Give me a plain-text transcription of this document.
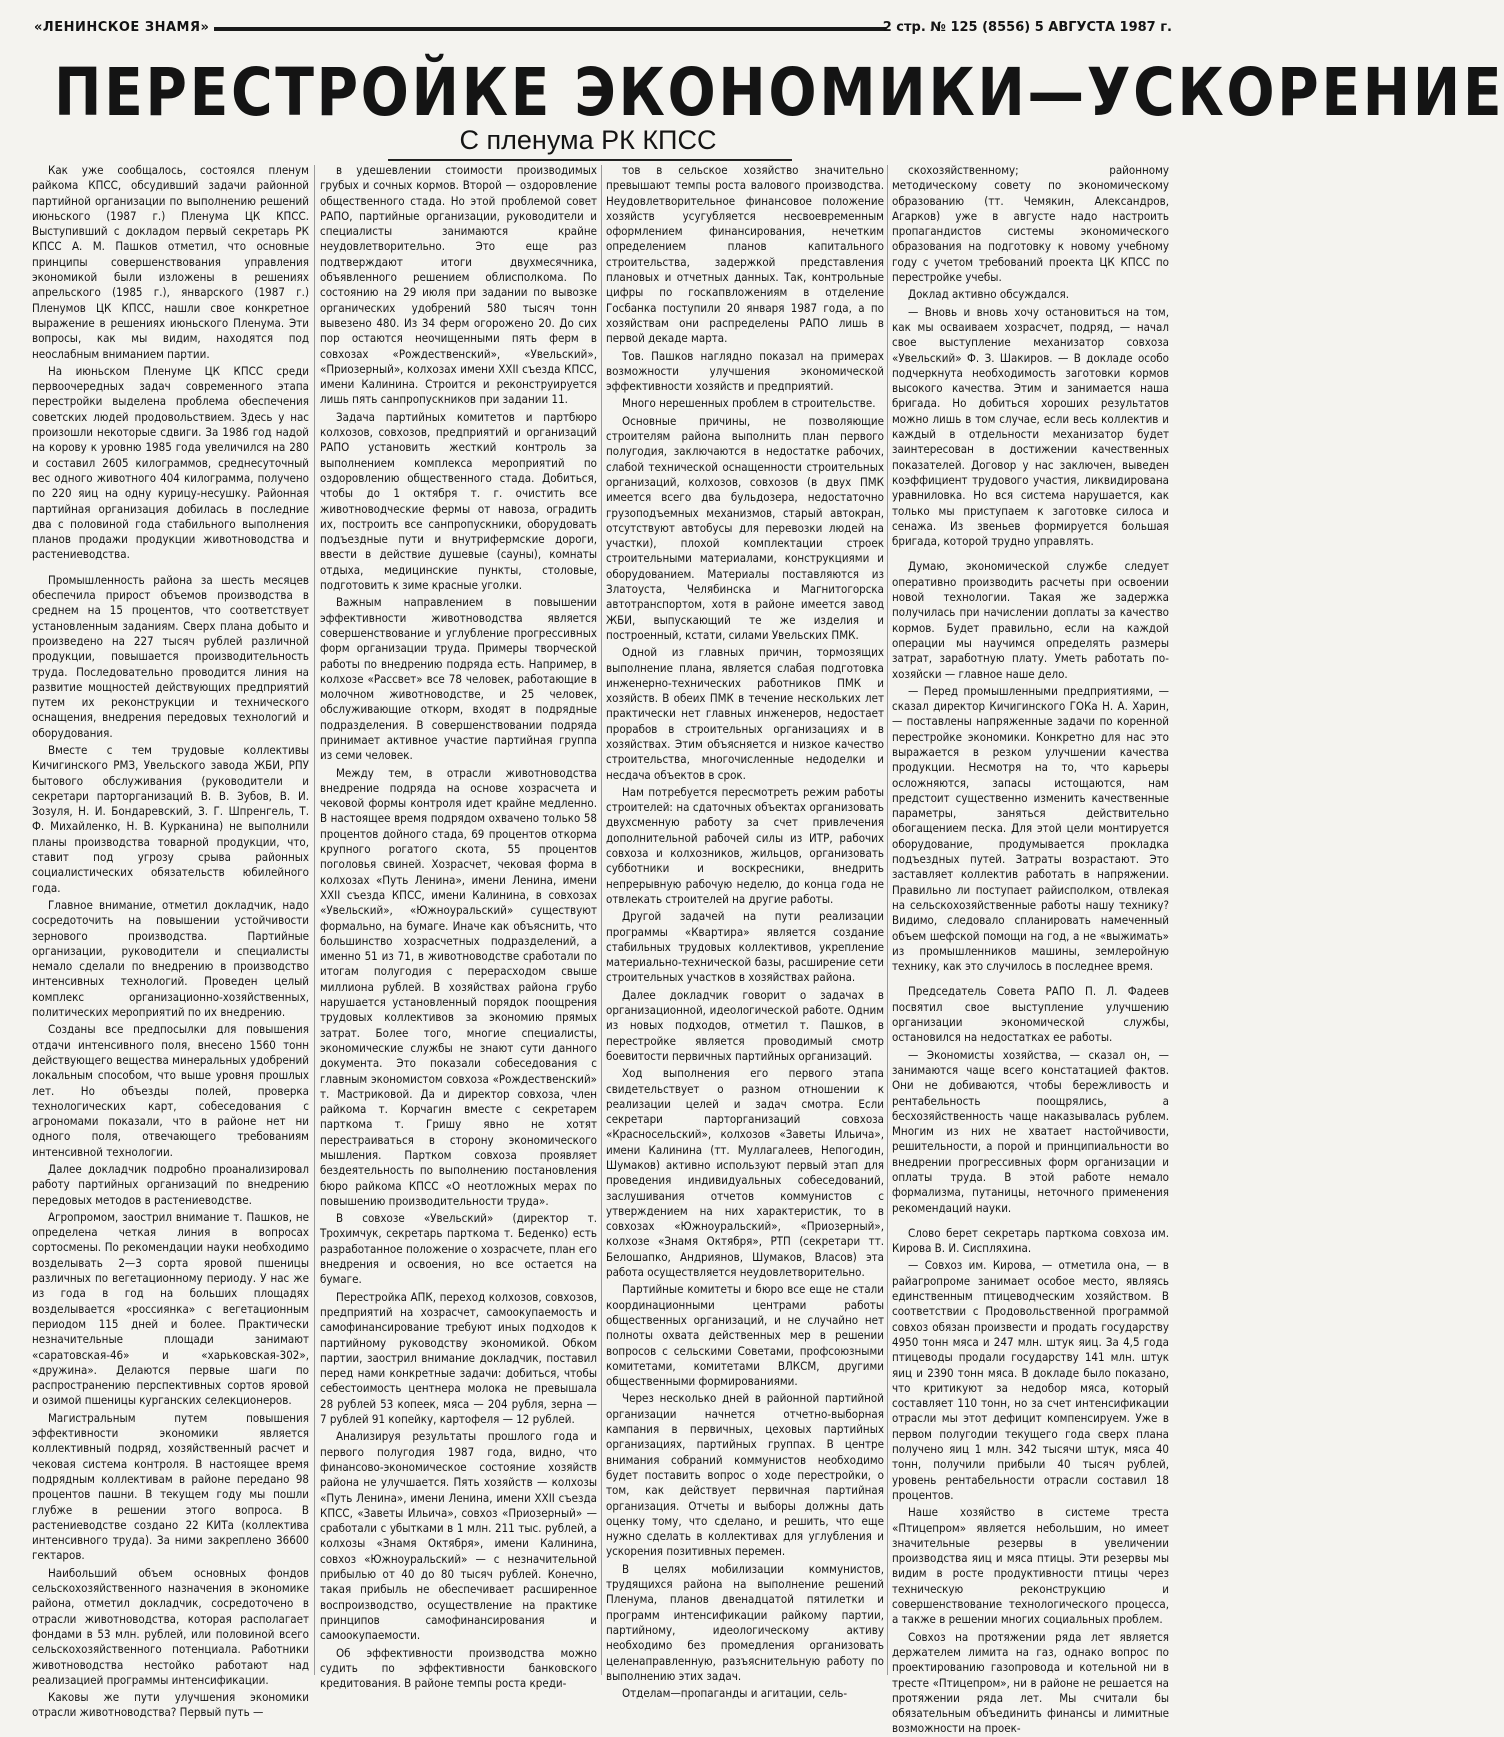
«ЛЕНИНСКОЕ ЗНАМЯ»	2 стр. № 125 (8556) 5 АВГУСТА 1987 г.
ПЕРЕСТРОЙКЕ ЭКОНОМИКИ—УСКОРЕНИЕ
С пленума РК КПСС

Как уже сообщалось, состоялся пленум райкома КПСС, обсудивший задачи районной партийной организации по выполнению решений июньского (1987 г.) Пленума ЦК КПСС. Выступивший с докладом первый секретарь РК КПСС А. М. Пашков отметил, что основные принципы совершенствования управления экономикой были изложены в решениях апрельского (1985 г.), январского (1987 г.) Пленумов ЦК КПСС, нашли свое конкретное выражение в решениях июньского Пленума. Эти вопросы, как мы видим, находятся под неослабным вниманием партии.

На июньском Пленуме ЦК КПСС среди первоочередных задач современного этапа перестройки выделена проблема обеспечения советских людей продовольствием. Здесь у нас произошли некоторые сдвиги. За 1986 год надой на корову к уровню 1985 года увеличился на 280 и составил 2605 килограммов, среднесуточный вес одного животного 404 килограмма, получено по 220 яиц на одну курицу-несушку. Районная партийная организация добилась в последние два с половиной года стабильного выполнения планов продажи продукции животноводства и растениеводства.

Промышленность района за шесть месяцев обеспечила прирост объемов производства в среднем на 15 процентов, что соответствует установленным заданиям. Сверх плана добыто и произведено на 227 тысяч рублей различной продукции, повышается производительность труда. Последовательно проводится линия на развитие мощностей действующих предприятий путем их реконструкции и технического оснащения, внедрения передовых технологий и оборудования.

Вместе с тем трудовые коллективы Кичигинского РМЗ, Увельского завода ЖБИ, РПУ бытового обслуживания (руководители и секретари парторганизаций В. В. Зубов, В. И. Зозуля, Н. И. Бондаревский, З. Г. Шпренгель, Т. Ф. Михайленко, Н. В. Курканина) не выполнили планы производства товарной продукции, что, ставит под угрозу срыва районных социалистических обязательств юбилейного года.

Главное внимание, отметил докладчик, надо сосредоточить на повышении устойчивости зернового производства. Партийные организации, руководители и специалисты немало сделали по внедрению в производство интенсивных технологий. Проведен целый комплекс организационно-хозяйственных, политических мероприятий по их внедрению.

Созданы все предпосылки для повышения отдачи интенсивного поля, внесено 1560 тонн действующего вещества минеральных удобрений локальным способом, что выше уровня прошлых лет. Но объезды полей, проверка технологических карт, собеседования с агрономами показали, что в районе нет ни одного поля, отвечающего требованиям интенсивной технологии.

Далее докладчик подробно проанализировал работу партийных организаций по внедрению передовых методов в растениеводстве.

Агропромом, заострил внимание т. Пашков, не определена четкая линия в вопросах сортосмены. По рекомендации науки необходимо возделывать 2—3 сорта яровой пшеницы различных по вегетационному периоду. У нас же из года в год на больших площадях возделывается «россиянка» с вегетационным периодом 115 дней и более. Практически незначительные площади занимают «саратовская-46» и «харьковская-302», «дружина». Делаются первые шаги по распространению перспективных сортов яровой и озимой пшеницы курганских селекционеров.

Магистральным путем повышения эффективности экономики является коллективный подряд, хозяйственный расчет и чековая система контроля. В настоящее время подрядным коллективам в районе передано 98 процентов пашни. В текущем году мы пошли глубже в решении этого вопроса. В растениеводстве создано 22 КИТа (коллектива интенсивного труда). За ними закреплено 36600 гектаров.

Наибольший объем основных фондов сельскохозяйственного назначения в экономике района, отметил докладчик, сосредоточено в отрасли животноводства, которая располагает фондами в 53 млн. рублей, или половиной всего сельскохозяйственного потенциала. Работники животноводства нестойко работают над реализацией программы интенсификации.

Каковы же пути улучшения экономики отрасли животноводства? Первый путь —

в удешевлении стоимости производимых грубых и сочных кормов. Второй — оздоровление общественного стада. Но этой проблемой совет РАПО, партийные организации, руководители и специалисты занимаются крайне неудовлетворительно. Это еще раз подтверждают итоги двухмесячника, объявленного решением облисполкома. По состоянию на 29 июля при задании по вывозке органических удобрений 580 тысяч тонн вывезено 480. Из 34 ферм огорожено 20. До сих пор остаются неочищенными пять ферм в совхозах «Рождественский», «Увельский», «Приозерный», колхозах имени XXII съезда КПСС, имени Калинина. Строится и реконструируется лишь пять санпропускников при задании 11.

Задача партийных комитетов и партбюро колхозов, совхозов, предприятий и организаций РАПО установить жесткий контроль за выполнением комплекса мероприятий по оздоровлению общественного стада. Добиться, чтобы до 1 октября т. г. очистить все животноводческие фермы от навоза, оградить их, построить все санпропускники, оборудовать подъездные пути и внутрифермские дороги, ввести в действие душевые (сауны), комнаты отдыха, медицинские пункты, столовые, подготовить к зиме красные уголки.

Важным направлением в повышении эффективности животноводства является совершенствование и углубление прогрессивных форм организации труда. Примеры творческой работы по внедрению подряда есть. Например, в колхозе «Рассвет» все 78 человек, работающие в молочном животноводстве, и 25 человек, обслуживающие откорм, входят в подрядные подразделения. В совершенствовании подряда принимает активное участие партийная группа из семи человек.

Между тем, в отрасли животноводства внедрение подряда на основе хозрасчета и чековой формы контроля идет крайне медленно. В настоящее время подрядом охвачено только 58 процентов дойного стада, 69 процентов откорма крупного рогатого скота, 55 процентов поголовья свиней. Хозрасчет, чековая форма в колхозах «Путь Ленина», имени Ленина, имени XXII съезда КПСС, имени Калинина, в совхозах «Увельский», «Южноуральский» существуют формально, на бумаге. Иначе как объяснить, что большинство хозрасчетных подразделений, а именно 51 из 71, в животноводстве сработали по итогам полугодия с перерасходом свыше миллиона рублей. В хозяйствах района грубо нарушается установленный порядок поощрения трудовых коллективов за экономию прямых затрат. Более того, многие специалисты, экономические службы не знают сути данного документа. Это показали собеседования с главным экономистом совхоза «Рождественский» т. Мастриковой. Да и директор совхоза, член райкома т. Корчагин вместе с секретарем парткома т. Гришу явно не хотят перестраиваться в сторону экономического мышления. Партком совхоза проявляет бездеятельность по выполнению постановления бюро райкома КПСС «О неотложных мерах по повышению производительности труда».

В совхозе «Увельский» (директор т. Трохимчук, секретарь парткома т. Беденко) есть разработанное положение о хозрасчете, план его внедрения и освоения, но все остается на бумаге.

Перестройка АПК, переход колхозов, совхозов, предприятий на хозрасчет, самоокупаемость и самофинансирование требуют иных подходов к партийному руководству экономикой. Обком партии, заострил внимание докладчик, поставил перед нами конкретные задачи: добиться, чтобы себестоимость центнера молока не превышала 28 рублей 53 копеек, мяса — 204 рубля, зерна — 7 рублей 91 копейку, картофеля — 12 рублей.

Анализируя результаты прошлого года и первого полугодия 1987 года, видно, что финансово-экономическое состояние хозяйств района не улучшается. Пять хозяйств — колхозы «Путь Ленина», имени Ленина, имени XXII съезда КПСС, «Заветы Ильича», совхоз «Приозерный» — сработали с убытками в 1 млн. 211 тыс. рублей, а колхозы «Знамя Октября», имени Калинина, совхоз «Южноуральский» — с незначительной прибылью от 40 до 80 тысяч рублей. Конечно, такая прибыль не обеспечивает расширенное воспроизводство, осуществление на практике принципов самофинансирования и самоокупаемости.

Об эффективности производства можно судить по эффективности банковского кредитования. В районе темпы роста креди-

тов в сельское хозяйство значительно превышают темпы роста валового производства. Неудовлетворительное финансовое положение хозяйств усугубляется несвоевременным оформлением финансирования, нечетким определением планов капитального строительства, задержкой представления плановых и отчетных данных. Так, контрольные цифры по госкапвложениям в отделение Госбанка поступили 20 января 1987 года, а по хозяйствам они распределены РАПО лишь в первой декаде марта.

Тов. Пашков наглядно показал на примерах возможности улучшения экономической эффективности хозяйств и предприятий.

Много нерешенных проблем в строительстве.

Основные причины, не позволяющие строителям района выполнить план первого полугодия, заключаются в недостатке рабочих, слабой технической оснащенности строительных организаций, колхозов, совхозов (в двух ПМК имеется всего два бульдозера, недостаточно грузоподъемных механизмов, старый автокран, отсутствуют автобусы для перевозки людей на участки), плохой комплектации строек строительными материалами, конструкциями и оборудованием. Материалы поставляются из Златоуста, Челябинска и Магнитогорска автотранспортом, хотя в районе имеется завод ЖБИ, выпускающий те же изделия и построенный, кстати, силами Увельских ПМК.

Одной из главных причин, тормозящих выполнение плана, является слабая подготовка инженерно-технических работников ПМК и хозяйств. В обеих ПМК в течение нескольких лет практически нет главных инженеров, недостает прорабов в строительных организациях и в хозяйствах. Этим объясняется и низкое качество строительства, многочисленные недоделки и несдача объектов в срок.

Нам потребуется пересмотреть режим работы строителей: на сдаточных объектах организовать двухсменную работу за счет привлечения дополнительной рабочей силы из ИТР, рабочих совхоза и колхозников, жильцов, организовать субботники и воскресники, внедрить непрерывную рабочую неделю, до конца года не отвлекать строителей на другие работы.

Другой задачей на пути реализации программы «Квартира» является создание стабильных трудовых коллективов, укрепление материально-технической базы, расширение сети строительных участков в хозяйствах района.

Далее докладчик говорит о задачах в организационной, идеологической работе. Одним из новых подходов, отметил т. Пашков, в перестройке является проводимый смотр боевитости первичных партийных организаций.

Ход выполнения его первого этапа свидетельствует о разном отношении к реализации целей и задач смотра. Если секретари парторганизаций совхоза «Красносельский», колхозов «Заветы Ильича», имени Калинина (тт. Муллагалеев, Непогодин, Шумаков) активно используют первый этап для проведения индивидуальных собеседований, заслушивания отчетов коммунистов с утверждением на них характеристик, то в совхозах «Южноуральский», «Приозерный», колхозе «Знамя Октября», РТП (секретари тт. Белошапко, Андриянов, Шумаков, Власов) эта работа осуществляется неудовлетворительно.

Партийные комитеты и бюро все еще не стали координационными центрами работы общественных организаций, и не случайно нет полноты охвата действенных мер в решении вопросов с сельскими Советами, профсоюзными комитетами, комитетами ВЛКСМ, другими общественными формированиями.

Через несколько дней в районной партийной организации начнется отчетно-выборная кампания в первичных, цеховых партийных организациях, партийных группах. В центре внимания собраний коммунистов необходимо будет поставить вопрос о ходе перестройки, о том, как действует первичная партийная организация. Отчеты и выборы должны дать оценку тому, что сделано, и решить, что еще нужно сделать в коллективах для углубления и ускорения позитивных перемен.

В целях мобилизации коммунистов, трудящихся района на выполнение решений Пленума, планов двенадцатой пятилетки и программ интенсификации райкому партии, партийному, идеологическому активу необходимо без промедления организовать целенаправленную, разъяснительную работу по выполнению этих задач.

Отделам—пропаганды и агитации, сель-

скохозяйственному; районному методическому совету по экономическому образованию (тт. Чемякин, Александров, Агарков) уже в августе надо настроить пропагандистов системы экономического образования на подготовку к новому учебному году с учетом требований проекта ЦК КПСС по перестройке учебы.

Доклад активно обсуждался.

— Вновь и вновь хочу остановиться на том, как мы осваиваем хозрасчет, подряд, — начал свое выступление механизатор совхоза «Увельский» Ф. З. Шакиров. — В докладе особо подчеркнута необходимость заготовки кормов высокого качества. Этим и занимается наша бригада. Но добиться хороших результатов можно лишь в том случае, если весь коллектив и каждый в отдельности механизатор будет заинтересован в достижении качественных показателей. Договор у нас заключен, выведен коэффициент трудового участия, ликвидирована уравниловка. Но вся система нарушается, как только мы приступаем к заготовке силоса и сенажа. Из звеньев формируется большая бригада, которой трудно управлять.

Думаю, экономической службе следует оперативно производить расчеты при освоении новой технологии. Такая же задержка получилась при начислении доплаты за качество кормов. Будет правильно, если на каждой операции мы научимся определять размеры затрат, заработную плату. Уметь работать по-хозяйски — главное наше дело.

— Перед промышленными предприятиями, — сказал директор Кичигинского ГОКа Н. А. Харин, — поставлены напряженные задачи по коренной перестройке экономики. Конкретно для нас это выражается в резком улучшении качества продукции. Несмотря на то, что карьеры осложняются, запасы истощаются, нам предстоит существенно изменить качественные параметры, заняться действительно обогащением песка. Для этой цели монтируется оборудование, продумывается прокладка подъездных путей. Затраты возрастают. Это заставляет коллектив работать в напряжении. Правильно ли поступает райисполком, отвлекая на сельскохозяйственные работы нашу технику? Видимо, следовало спланировать намеченный объем шефской помощи на год, а не «выжимать» из промышленников машины, землеройную технику, как это случилось в последнее время.

Председатель Совета РАПО П. Л. Фадеев посвятил свое выступление улучшению организации экономической службы, остановился на недостатках ее работы.

— Экономисты хозяйства, — сказал он, — занимаются чаще всего констатацией фактов. Они не добиваются, чтобы бережливость и рентабельность поощрялись, а бесхозяйственность чаще наказывалась рублем. Многим из них не хватает настойчивости, решительности, а порой и принципиальности во внедрении прогрессивных форм организации и оплаты труда. В этой работе немало формализма, путаницы, неточного применения рекомендаций науки.

Слово берет секретарь парткома совхоза им. Кирова В. И. Сиспляхина.

— Совхоз им. Кирова, — отметила она, — в райагропроме занимает особое место, являясь единственным птицеводческим хозяйством. В соответствии с Продовольственной программой совхоз обязан произвести и продать государству 4950 тонн мяса и 247 млн. штук яиц. За 4,5 года птицеводы продали государству 141 млн. штук яиц и 2390 тонн мяса. В докладе было показано, что критикуют за недобор мяса, который составляет 110 тонн, но за счет интенсификации отрасли мы этот дефицит компенсируем. Уже в первом полугодии текущего года сверх плана получено яиц 1 млн. 342 тысячи штук, мяса 40 тонн, получили прибыли 40 тысяч рублей, уровень рентабельности отрасли составил 18 процентов.

Наше хозяйство в системе треста «Птицепром» является небольшим, но имеет значительные резервы в увеличении производства яиц и мяса птицы. Эти резервы мы видим в росте продуктивности птицы через техническую реконструкцию и совершенствование технологического процесса, а также в решении многих социальных проблем.

Совхоз на протяжении ряда лет является держателем лимита на газ, однако вопрос по проектированию газопровода и котельной ни в тресте «Птицепром», ни в районе не решается на протяжении ряда лет. Мы считали бы обязательным объединить финансы и лимитные возможности на проек-
